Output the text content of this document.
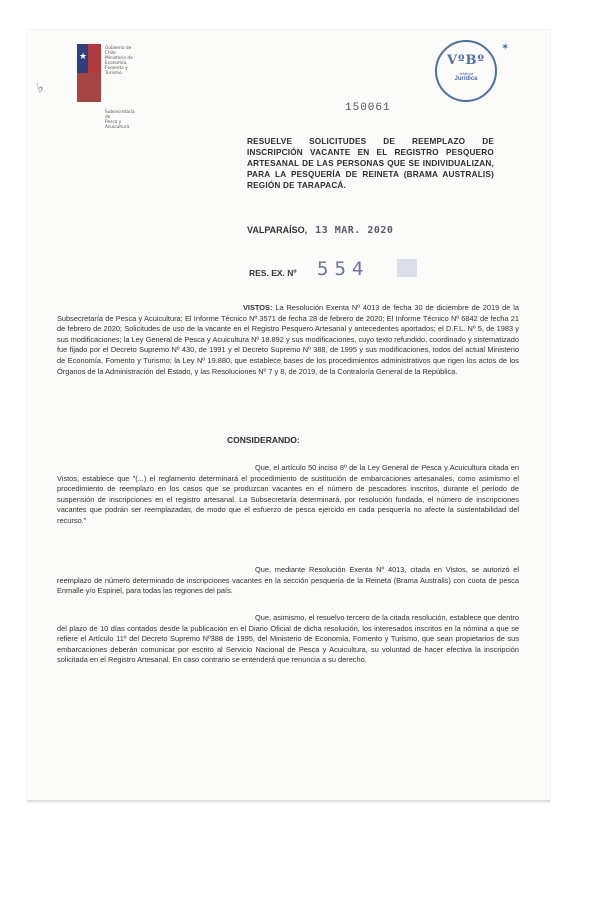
♭
★
Gobierno de Chile
Ministerio de Economía,
Fomento y Turismo
Subsecretaría de
Pesca y Acuicultura
VºBº
Jefatura
Jurídica
✶
150061
RESUELVE SOLICITUDES DE REEMPLAZO DE INSCRIPCIÓN VACANTE EN EL REGISTRO PESQUERO ARTESANAL DE LAS PERSONAS QUE SE INDIVIDUALIZAN, PARA LA PESQUERÍA DE REINETA (BRAMA AUSTRALIS) REGIÓN DE TARAPACÁ.
VALPARAÍSO, 13 MAR. 2020
RES. EX. Nº 554
VISTOS: La Resolución Exenta Nº 4013 de fecha 30 de diciembre de 2019 de la Subsecretaría de Pesca y Acuicultura; El Informe Técnico Nº 3571 de fecha 28 de febrero de 2020; El Informe Técnico Nº 6842 de fecha 21 de febrero de 2020; Solicitudes de uso de la vacante en el Registro Pesquero Artesanal y antecedentes aportados; el D.F.L. Nº 5, de 1983 y sus modificaciones; la Ley General de Pesca y Acuicultura Nº 18.892 y sus modificaciones, cuyo texto refundido, coordinado y sistematizado fue fijado por el Decreto Supremo Nº 430, de 1991 y el Decreto Supremo Nº 388, de 1995 y sus modificaciones, todos del actual Ministerio de Economía, Fomento y Turismo; la Ley Nº 19.880, que establece bases de los procedimientos administrativos que rigen los actos de los Órganos de la Administración del Estado, y las Resoluciones Nº 7 y 8, de 2019, de la Contraloría General de la República.
CONSIDERANDO:
Que, el artículo 50 inciso 8º de la Ley General de Pesca y Acuicultura citada en Vistos, establece que "(...) el reglamento determinará el procedimiento de sustitución de embarcaciones artesanales, como asimismo el procedimiento de reemplazo en los casos que se produzcan vacantes en el número de pescadores inscritos, durante el período de suspensión de inscripciones en el registro artesanal. La Subsecretaría determinará, por resolución fundada, el número de inscripciones vacantes que podrán ser reemplazadas, de modo que el esfuerzo de pesca ejercido en cada pesquería no afecte la sustentabilidad del recurso."
Que, mediante Resolución Exenta Nº 4013, citada en Vistos, se autorizó el reemplazo de número determinado de inscripciones vacantes en la sección pesquería de la Reineta (Brama Australis) con cuota de pesca Enmalle y/o Espinel, para todas las regiones del país.
Que, asimismo, el resuelvo tercero de la citada resolución, establece que dentro del plazo de 10 días contados desde la publicación en el Diario Oficial de dicha resolución, los interesados inscritos en la nómina a que se refiere el Artículo 11º del Decreto Supremo Nº388 de 1995, del Ministerio de Economía, Fomento y Turismo, que sean propietarios de sus embarcaciones deberán comunicar por escrito al Servicio Nacional de Pesca y Acuicultura, su voluntad de hacer efectiva la inscripción solicitada en el Registro Artesanal. En caso contrario se entenderá que renuncia a su derecho.
